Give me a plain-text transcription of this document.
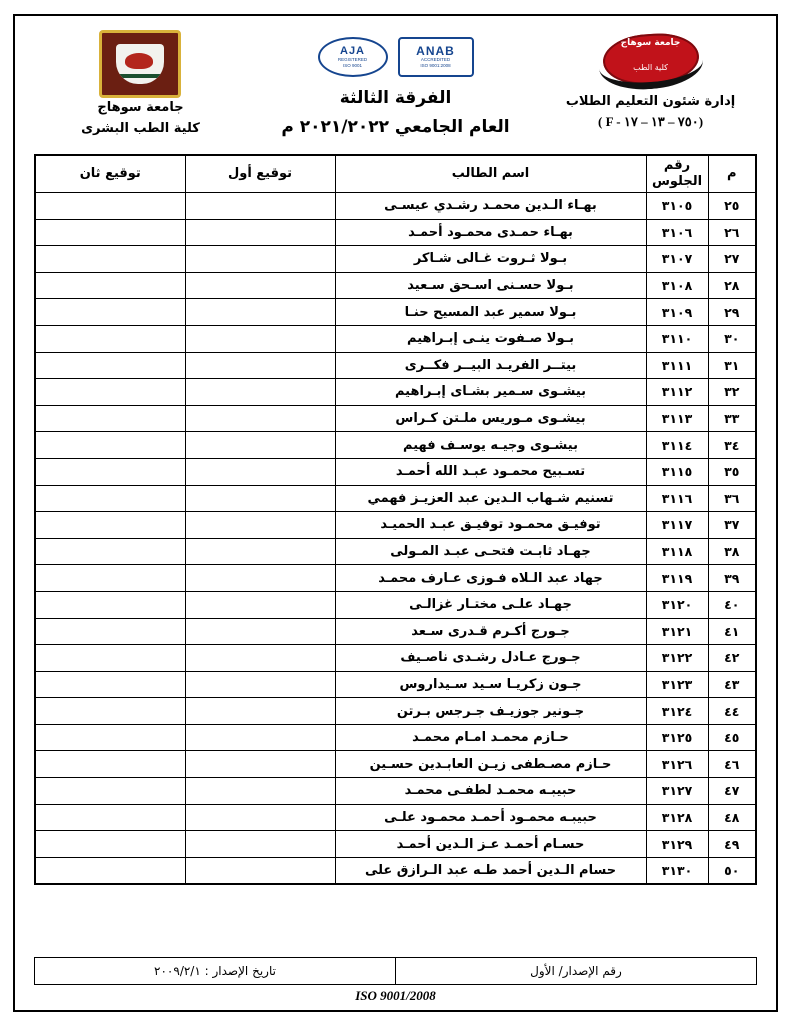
جامعة سوهاج
كلية الطب
إدارة شئون التعليم الطلاب
( F - ٧٥٠ – ١٣ – ١٧)
ANAB
ACCREDITED
ISO 9001:2008
AJA
REGISTERED
ISO 9001
الفرقة الثالثة
العام الجامعي ٢٠٢١/٢٠٢٢ م
جامعة سوهاج
كلية الطب البشرى
م	رقم الجلوس	اسم الطالب	توقيع أول	توقيع ثان
٢٥	٣١٠٥	بهـاء الـدين محمـد رشـدي عيسـى		
٢٦	٣١٠٦	بهـاء حمـدى محمـود أحمـد		
٢٧	٣١٠٧	بـولا ثـروت غـالى شـاكر		
٢٨	٣١٠٨	بـولا حسـنى اسـحق سـعيد		
٢٩	٣١٠٩	بـولا سمير عبد المسيح حنـا		
٣٠	٣١١٠	بـولا صـفوت ينـى إبـراهيم		
٣١	٣١١١	بيتــر الفريـد البيــر فكــرى		
٣٢	٣١١٢	بيشـوى سـمير بشـاى إبـراهيم		
٣٣	٣١١٣	بيشـوى مـوريس ملـتن كـراس		
٣٤	٣١١٤	بيشـوى وجيـه يوسـف فهيم		
٣٥	٣١١٥	تسـبيح محمـود عبـد الله أحمـد		
٣٦	٣١١٦	تسنيم شـهاب الـدين عبد العزيـز فهمي		
٣٧	٣١١٧	توفيـق محمـود توفيـق عبـد الحميـد		
٣٨	٣١١٨	جهـاد ثابـت فتحـى عبـد المـولى		
٣٩	٣١١٩	جهاد عبد الـلاه فـوزى عـارف محمـد		
٤٠	٣١٢٠	جهـاد علـى مختـار غزالـى		
٤١	٣١٢١	جـورج أكـرم قـدرى سـعد		
٤٢	٣١٢٢	جـورج عـادل رشـدى ناصـيف		
٤٣	٣١٢٣	جـون زكريـا سـيد سـيداروس		
٤٤	٣١٢٤	جـونير جوزيـف جـرجس بـرتن		
٤٥	٣١٢٥	حـازم محمـد امـام محمـد		
٤٦	٣١٢٦	حـازم مصـطفى زيـن العابـدين حسـين		
٤٧	٣١٢٧	حبيبـه محمـد لطفـى محمـد		
٤٨	٣١٢٨	حبيبـه محمـود أحمـد محمـود علـى		
٤٩	٣١٢٩	حسـام أحمـد عـز الـدين أحمـد		
٥٠	٣١٣٠	حسام الـدين أحمد طـه عبد الـرازق على		
رقم الإصدار/ الأول	تاريخ الإصدار : ٢٠٠٩/٢/١
ISO 9001/2008
